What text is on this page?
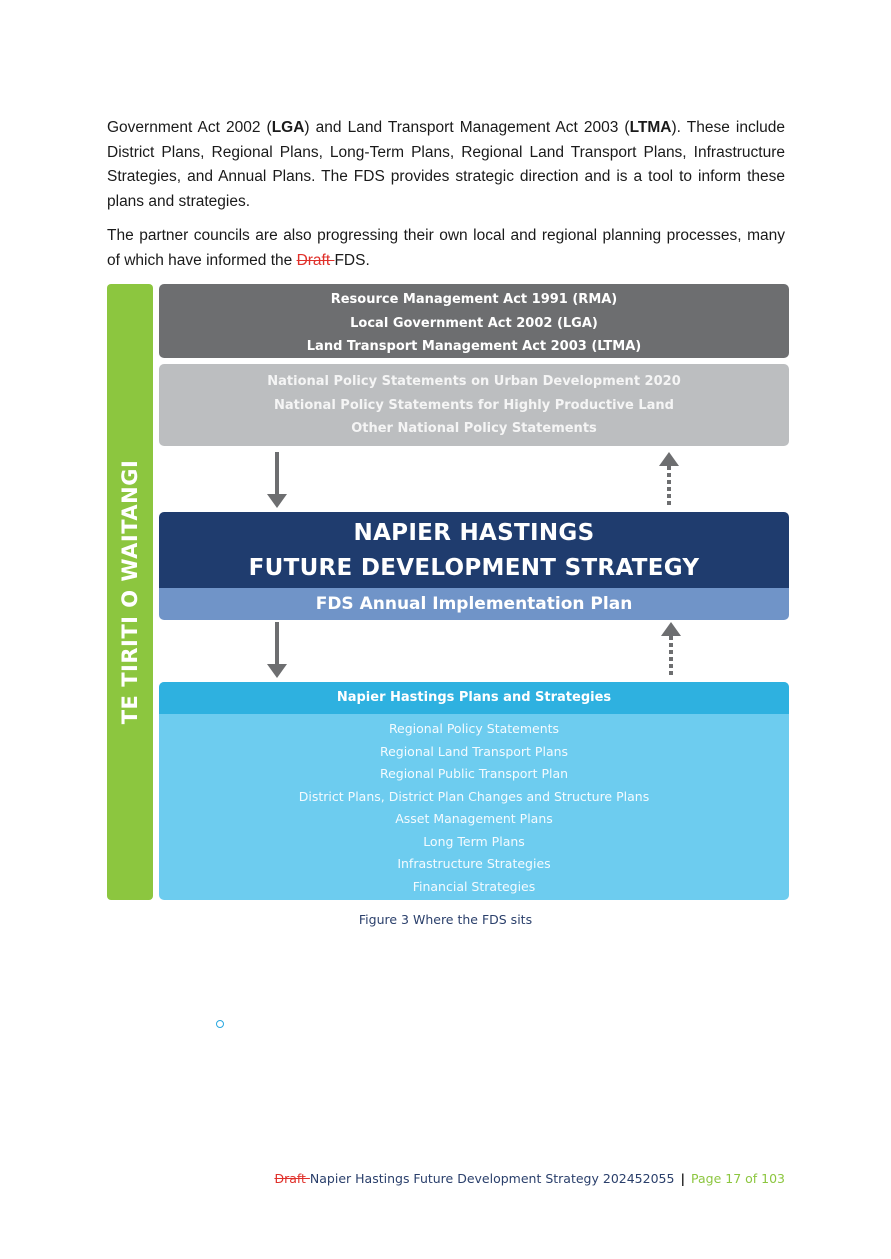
Government Act 2002 (LGA) and Land Transport Management Act 2003 (LTMA). These include District Plans, Regional Plans, Long-Term Plans, Regional Land Transport Plans, Infrastructure Strategies, and Annual Plans. The FDS provides strategic direction and is a tool to inform these plans and strategies.

The partner councils are also progressing their own local and regional planning processes, many of which have informed the Draft FDS.

TE TIRITI O WAITANGI
Resource Management Act 1991 (RMA)
Local Government Act 2002 (LGA)
Land Transport Management Act 2003 (LTMA)
National Policy Statements on Urban Development 2020
National Policy Statements for Highly Productive Land
Other National Policy Statements
NAPIER HASTINGS
FUTURE DEVELOPMENT STRATEGY
FDS Annual Implementation Plan
Napier Hastings Plans and Strategies
Regional Policy Statements
Regional Land Transport Plans
Regional Public Transport Plan
District Plans, District Plan Changes and Structure Plans
Asset Management Plans
Long Term Plans
Infrastructure Strategies
Financial Strategies
Figure 3 Where the FDS sits
Draft Napier Hastings Future Development Strategy 202452055 | Page 17 of 103
